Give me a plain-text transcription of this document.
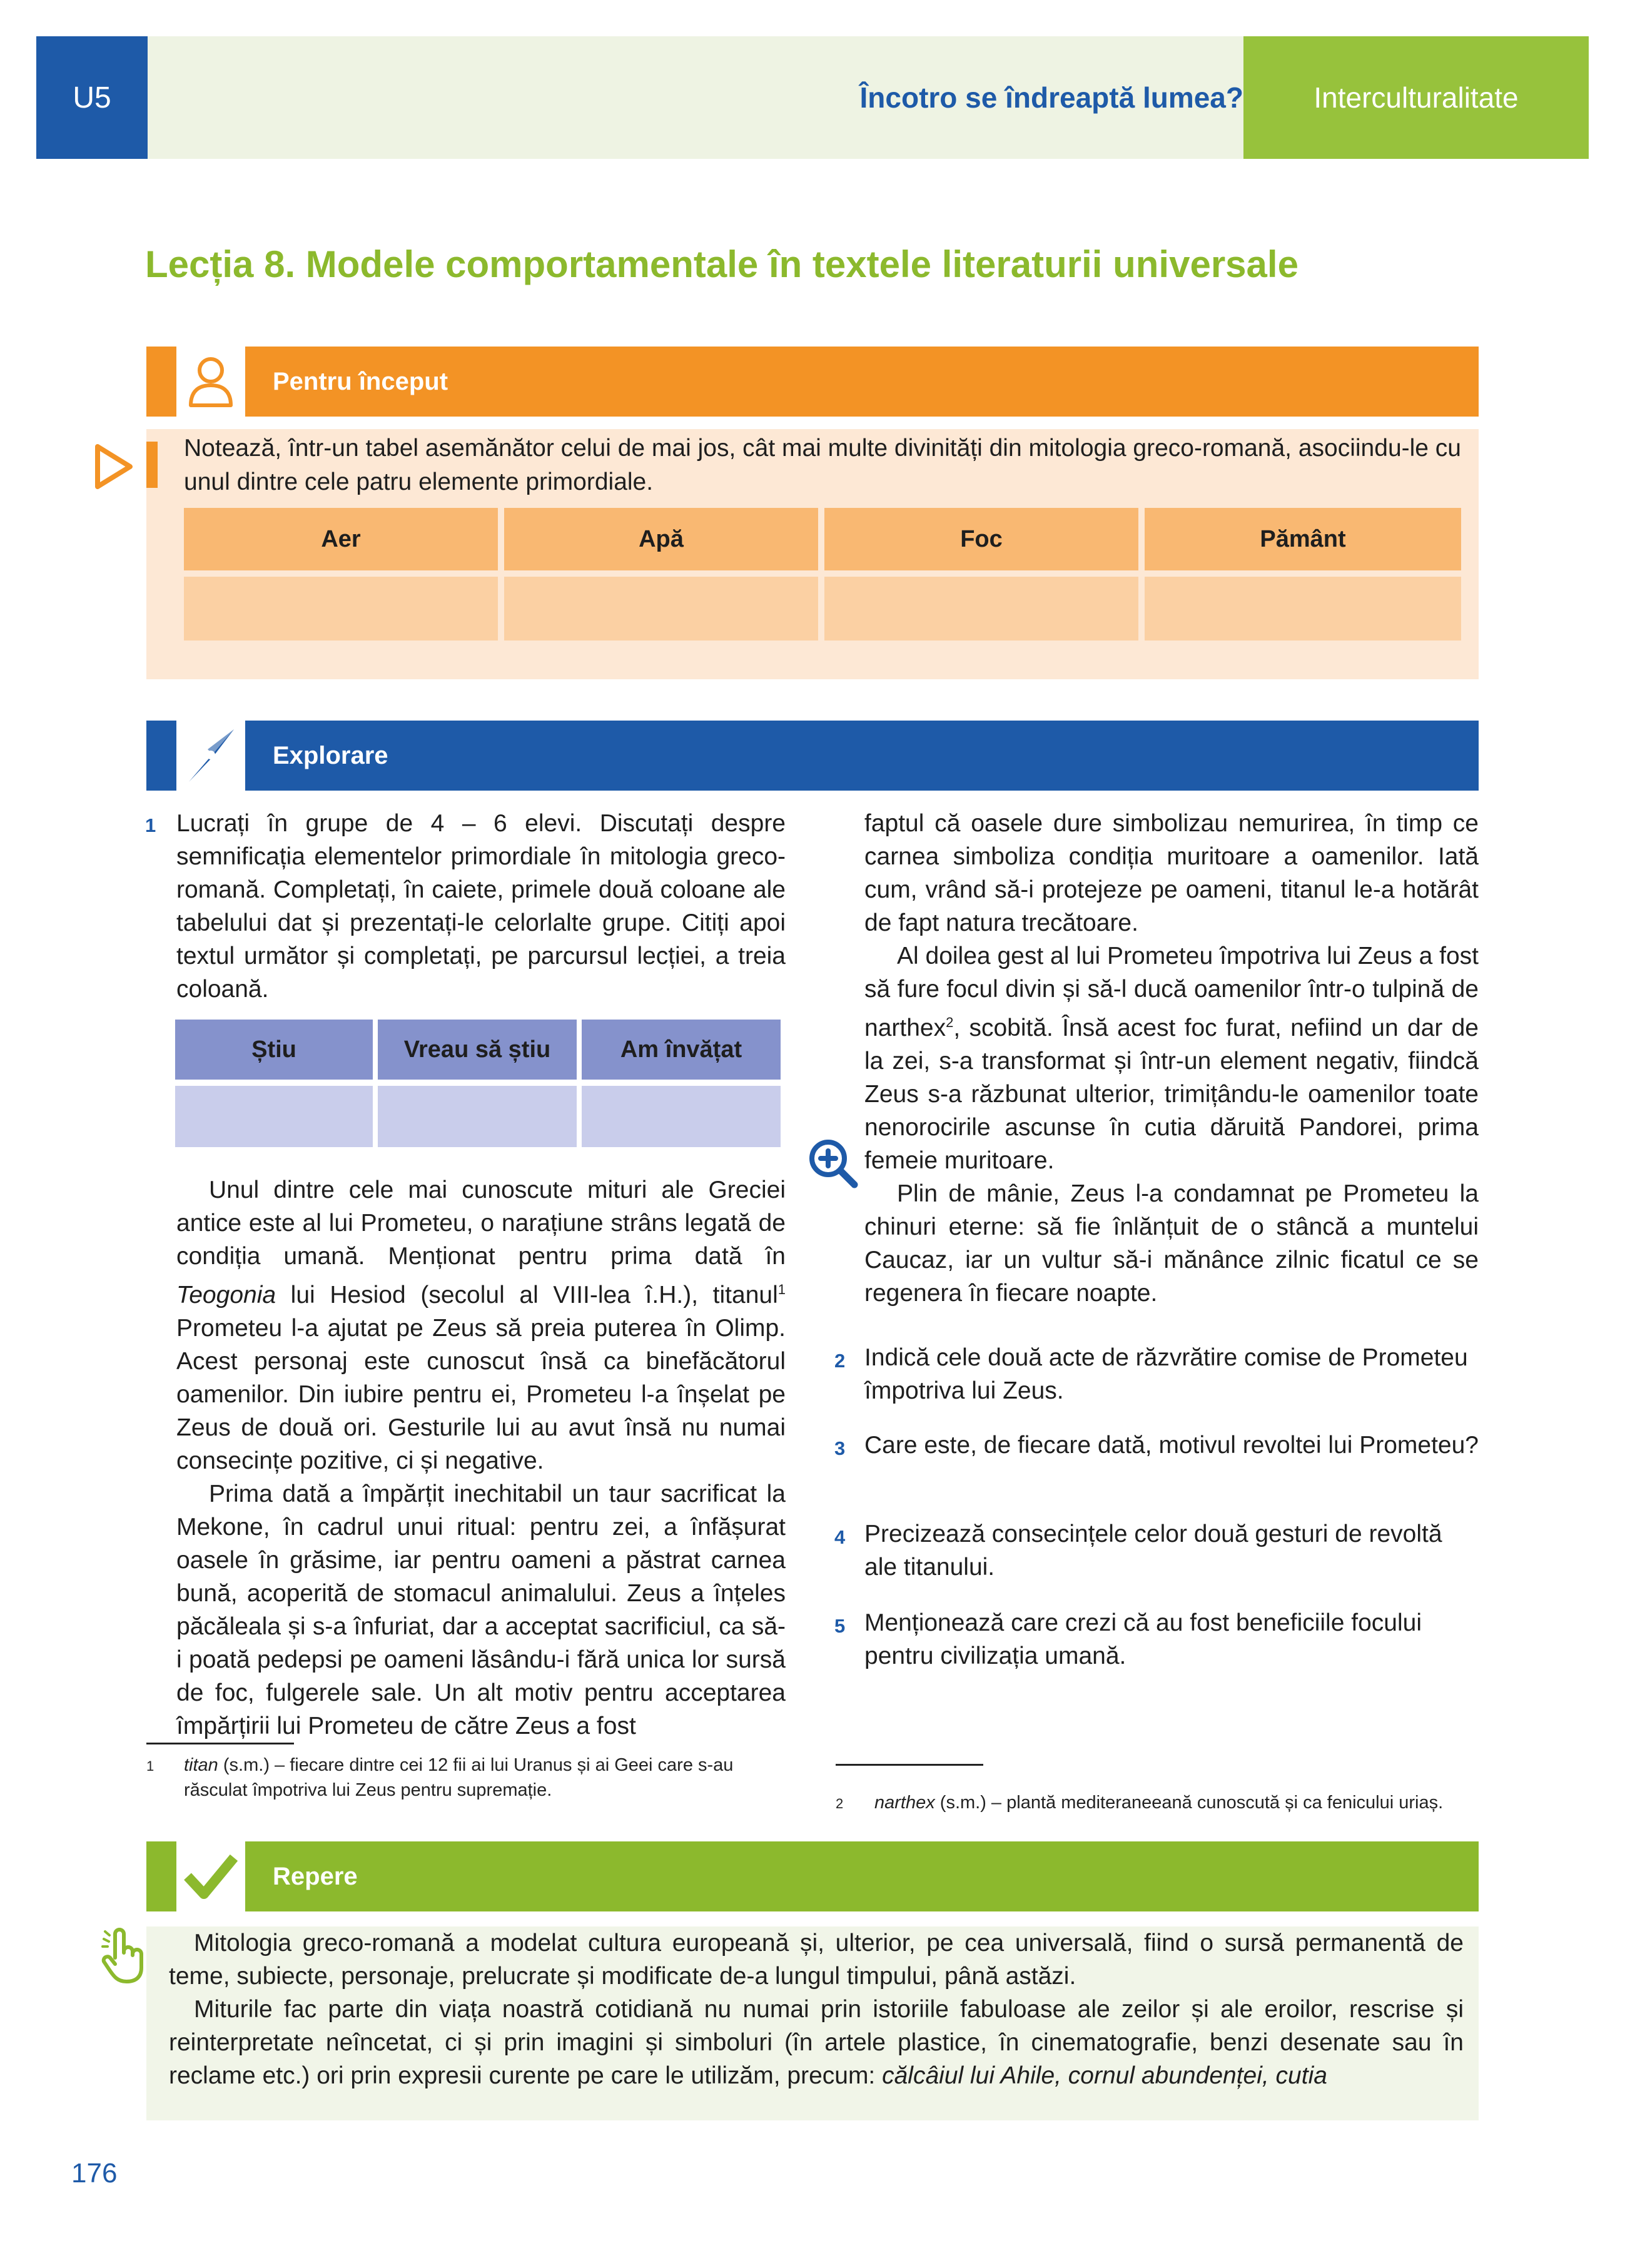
U5	Încotro se îndreaptă lumea?	Interculturalitate
Lecția 8. Modele comportamentale în textele literaturii universale
Pentru început
Notează, într-un tabel asemănător celui de mai jos, cât mai multe divinități din mitologia greco-romană, asociindu-le cu unul dintre cele patru elemente primordiale.
Aer	Apă	Foc	Pământ
Explorare
1 Lucrați în grupe de 4 – 6 elevi. Discutați despre semnificația elementelor primordiale în mitologia greco-romană. Completați, în caiete, primele două coloane ale tabelului dat și prezentați-le celorlalte grupe. Citiți apoi textul următor și completați, pe parcursul lecției, a treia coloană.
Știu	Vreau să știu	Am învățat

Unul dintre cele mai cunoscute mituri ale Greciei antice este al lui Prometeu, o narațiune strâns legată de condiția umană. Menționat pentru prima dată în Teogonia lui Hesiod (secolul al VIII-lea î.H.), titanul$^1$ Prometeu l-a ajutat pe Zeus să preia puterea în Olimp. Acest personaj este cunoscut însă ca binefăcătorul oamenilor. Din iubire pentru ei, Prometeu l-a înșelat pe Zeus de două ori. Gesturile lui au avut însă nu numai consecințe pozitive, ci și negative.

Prima dată a împărțit inechitabil un taur sacrificat la Mekone, în cadrul unui ritual: pentru zei, a înfășurat oasele în grăsime, iar pentru oameni a păstrat carnea bună, acoperită de stomacul animalului. Zeus a înțeles păcăleala și s-a înfuriat, dar a acceptat sacrificiul, ca să-i poată pedepsi pe oameni lăsându-i fără unica lor sursă de foc, fulgerele sale. Un alt motiv pentru acceptarea împărțirii lui Prometeu de către Zeus a fost

1 titan (s.m.) – fiecare dintre cei 12 fii ai lui Uranus și ai Geei care s-au răsculat împotriva lui Zeus pentru supremație.

faptul că oasele dure simbolizau nemurirea, în timp ce carnea simboliza condiția muritoare a oamenilor. Iată cum, vrând să-i protejeze pe oameni, titanul le-a hotărât de fapt natura trecătoare.

Al doilea gest al lui Prometeu împotriva lui Zeus a fost să fure focul divin și să-l ducă oamenilor într-o tulpină de narthex$^2$, scobită. Însă acest foc furat, nefiind un dar de la zei, s-a transformat și într-un element negativ, fiindcă Zeus s-a răzbunat ulterior, trimițându-le oamenilor toate nenorocirile ascunse în cutia dăruită Pandorei, prima femeie muritoare.

Plin de mânie, Zeus l-a condamnat pe Prometeu la chinuri eterne: să fie înlănțuit de o stâncă a muntelui Caucaz, iar un vultur să-i mănânce zilnic ficatul ce se regenera în fiecare noapte.

2 Indică cele două acte de răzvrătire comise de Prometeu împotriva lui Zeus.
3 Care este, de fiecare dată, motivul revoltei lui Prometeu?
4 Precizează consecințele celor două gesturi de revoltă ale titanului.
5 Menționează care crezi că au fost beneficiile focului pentru civilizația umană.
2 narthex (s.m.) – plantă mediteraneeană cunoscută și ca fenicului uriaș.
Repere

Mitologia greco-romană a modelat cultura europeană și, ulterior, pe cea universală, fiind o sursă permanentă de teme, subiecte, personaje, prelucrate și modificate de-a lungul timpului, până astăzi.

Miturile fac parte din viața noastră cotidiană nu numai prin istoriile fabuloase ale zeilor și ale eroilor, rescrise și reinterpretate neîncetat, ci și prin imagini și simboluri (în artele plastice, în cinematografie, benzi desenate sau în reclame etc.) ori prin expresii curente pe care le utilizăm, precum: călcâiul lui Ahile, cornul abundenței, cutia

176
